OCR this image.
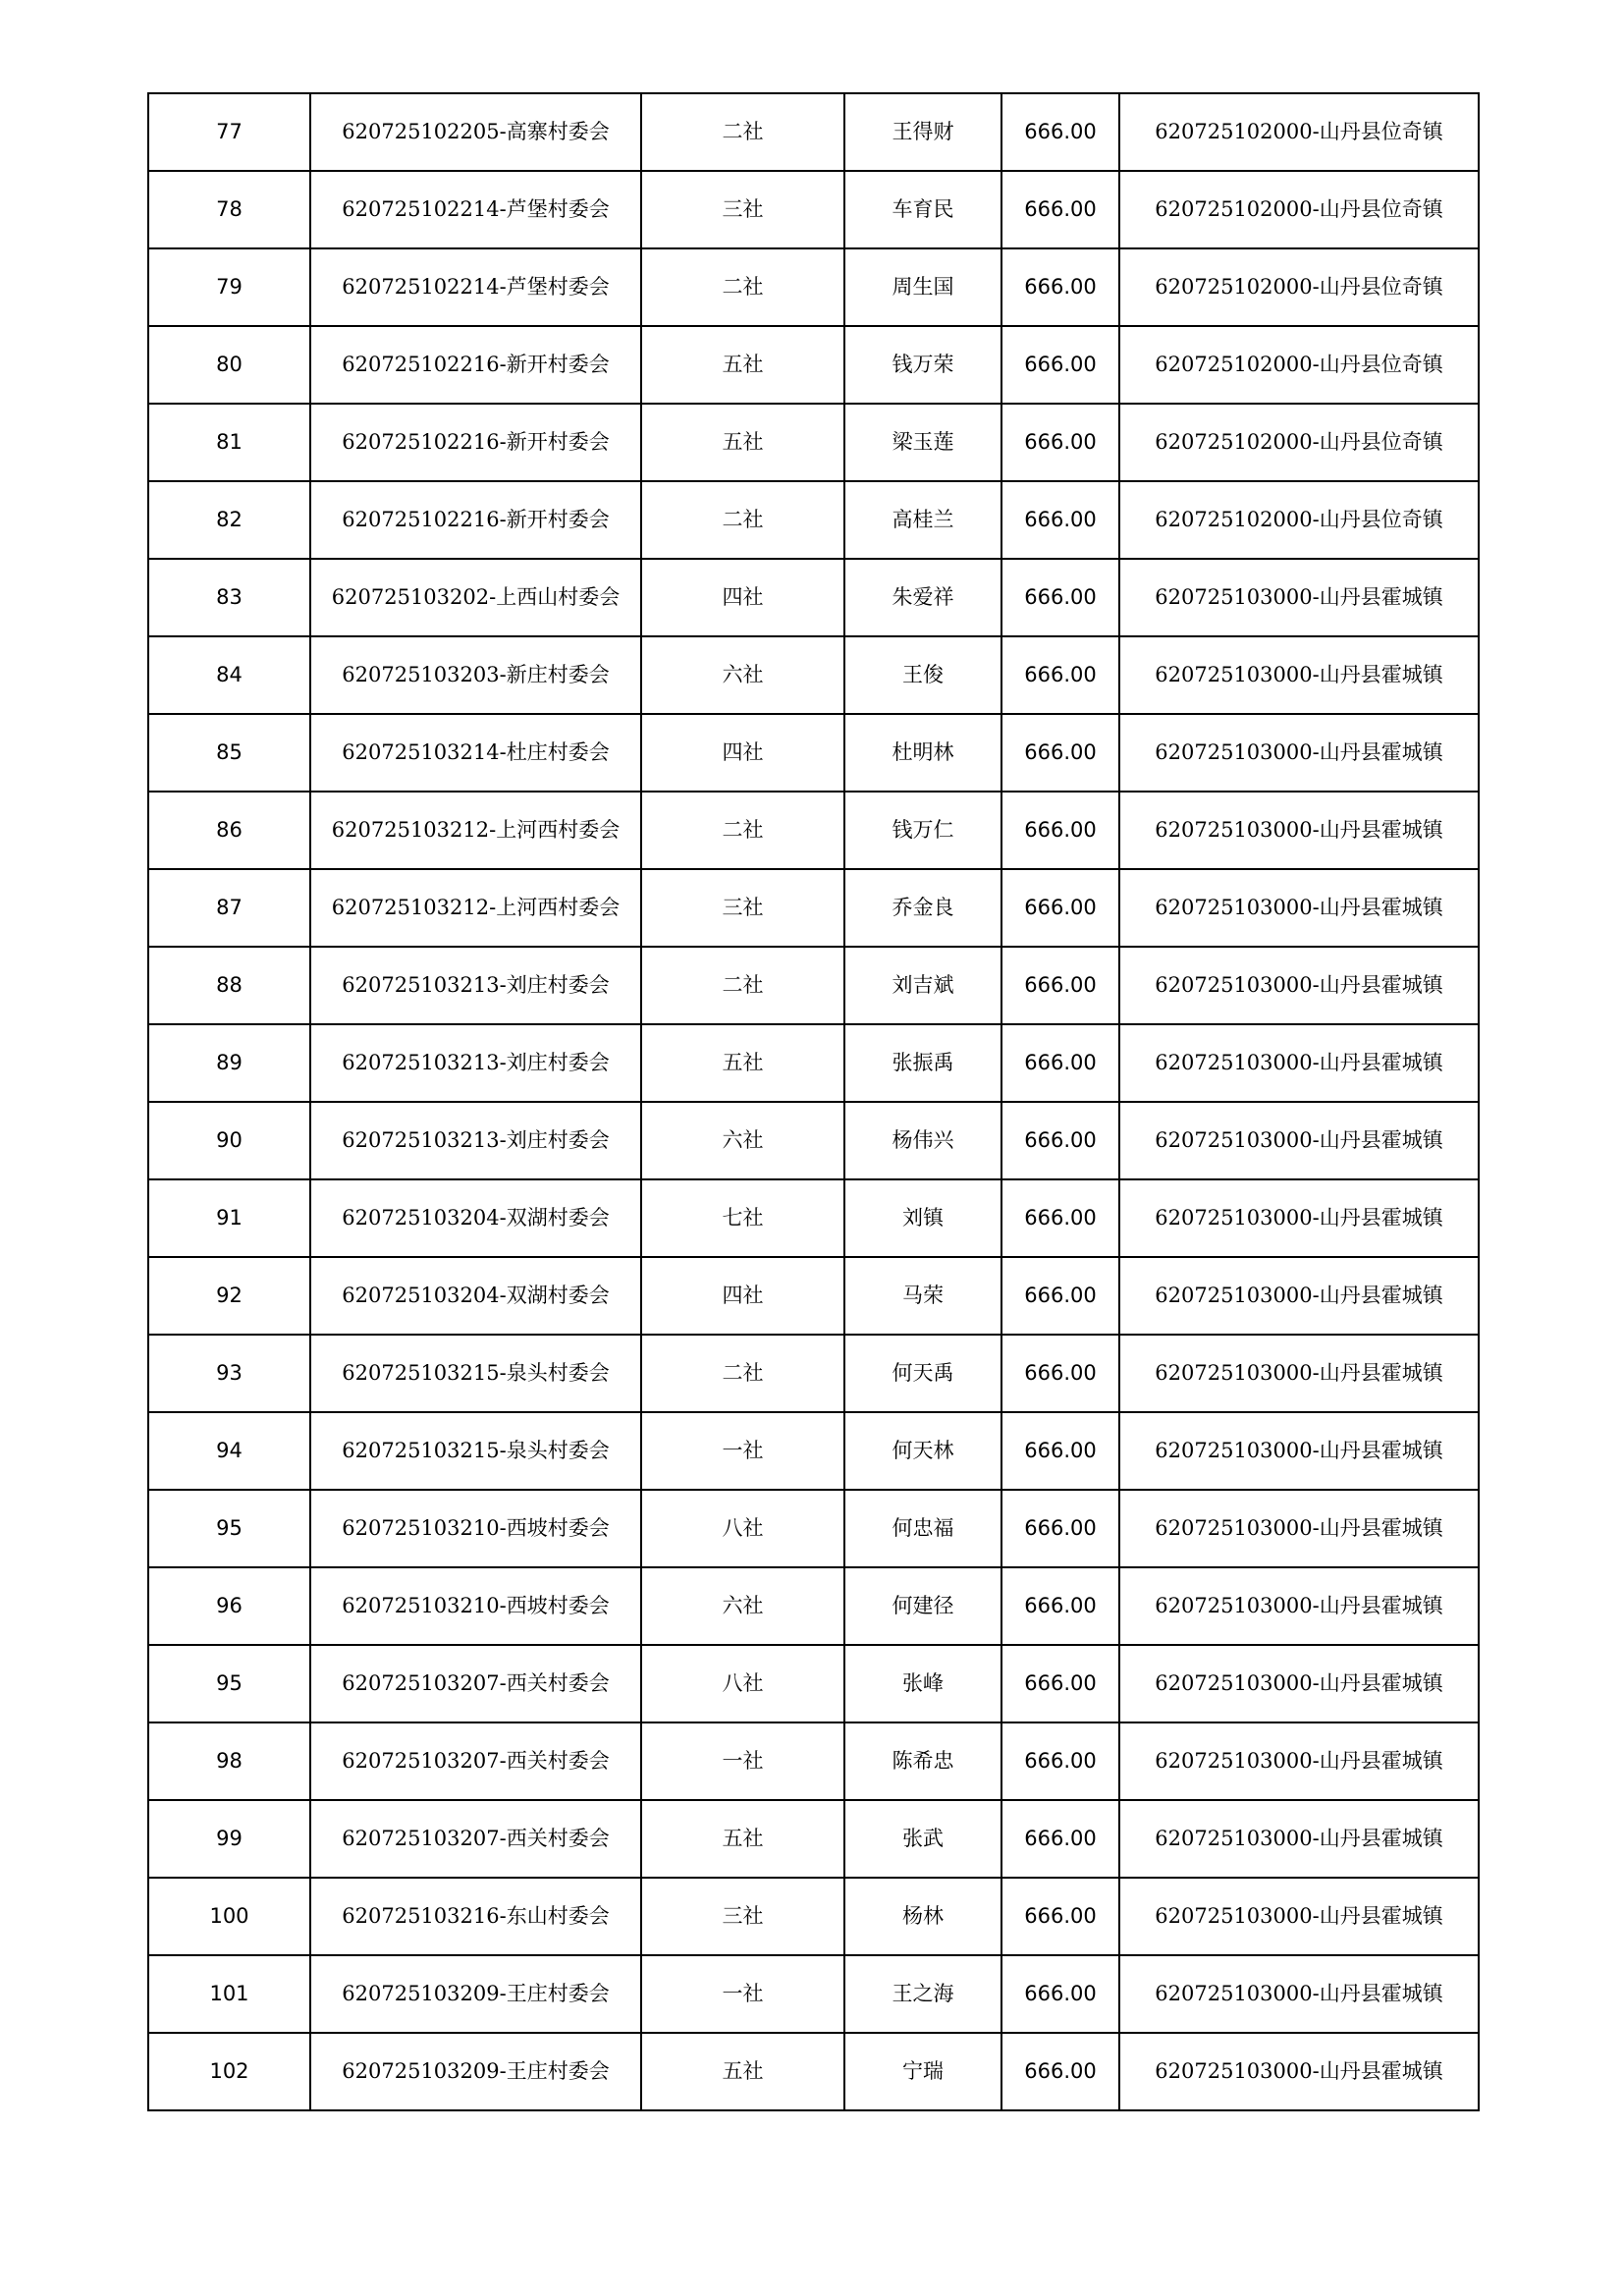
77	620725102205-高寨村委会	二社	王得财	666.00	620725102000-山丹县位奇镇
78	620725102214-芦堡村委会	三社	车育民	666.00	620725102000-山丹县位奇镇
79	620725102214-芦堡村委会	二社	周生国	666.00	620725102000-山丹县位奇镇
80	620725102216-新开村委会	五社	钱万荣	666.00	620725102000-山丹县位奇镇
81	620725102216-新开村委会	五社	梁玉莲	666.00	620725102000-山丹县位奇镇
82	620725102216-新开村委会	二社	高桂兰	666.00	620725102000-山丹县位奇镇
83	620725103202-上西山村委会	四社	朱爱祥	666.00	620725103000-山丹县霍城镇
84	620725103203-新庄村委会	六社	王俊	666.00	620725103000-山丹县霍城镇
85	620725103214-杜庄村委会	四社	杜明林	666.00	620725103000-山丹县霍城镇
86	620725103212-上河西村委会	二社	钱万仁	666.00	620725103000-山丹县霍城镇
87	620725103212-上河西村委会	三社	乔金良	666.00	620725103000-山丹县霍城镇
88	620725103213-刘庄村委会	二社	刘吉斌	666.00	620725103000-山丹县霍城镇
89	620725103213-刘庄村委会	五社	张振禹	666.00	620725103000-山丹县霍城镇
90	620725103213-刘庄村委会	六社	杨伟兴	666.00	620725103000-山丹县霍城镇
91	620725103204-双湖村委会	七社	刘镇	666.00	620725103000-山丹县霍城镇
92	620725103204-双湖村委会	四社	马荣	666.00	620725103000-山丹县霍城镇
93	620725103215-泉头村委会	二社	何天禹	666.00	620725103000-山丹县霍城镇
94	620725103215-泉头村委会	一社	何天林	666.00	620725103000-山丹县霍城镇
95	620725103210-西坡村委会	八社	何忠福	666.00	620725103000-山丹县霍城镇
96	620725103210-西坡村委会	六社	何建径	666.00	620725103000-山丹县霍城镇
95	620725103207-西关村委会	八社	张峰	666.00	620725103000-山丹县霍城镇
98	620725103207-西关村委会	一社	陈希忠	666.00	620725103000-山丹县霍城镇
99	620725103207-西关村委会	五社	张武	666.00	620725103000-山丹县霍城镇
100	620725103216-东山村委会	三社	杨林	666.00	620725103000-山丹县霍城镇
101	620725103209-王庄村委会	一社	王之海	666.00	620725103000-山丹县霍城镇
102	620725103209-王庄村委会	五社	宁瑞	666.00	620725103000-山丹县霍城镇
